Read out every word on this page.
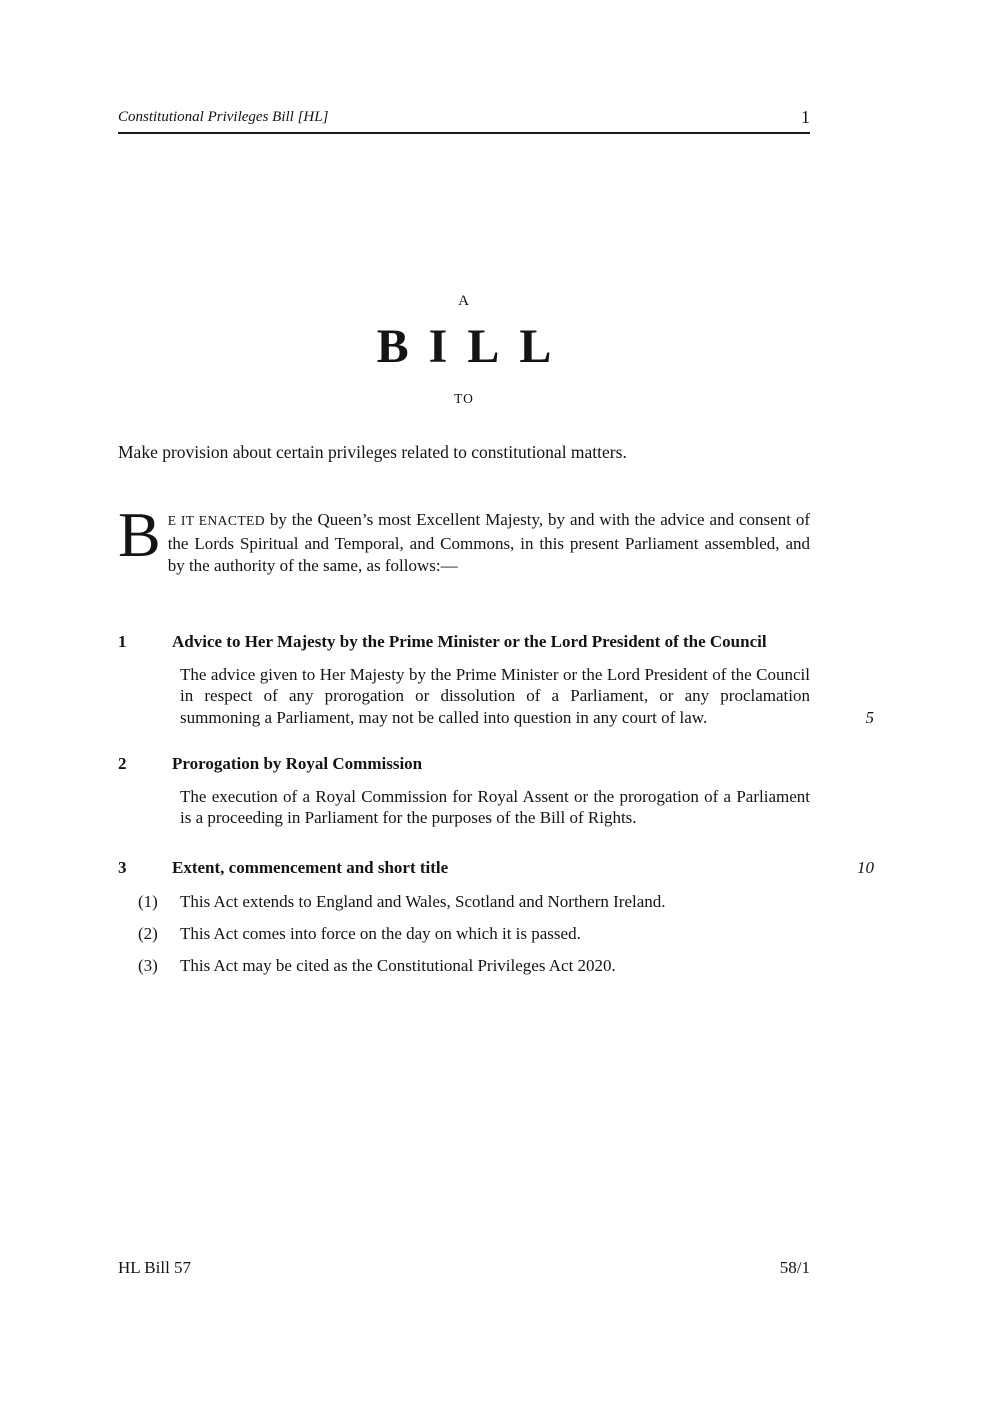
Constitutional Privileges Bill [HL]	1
A
BILL
TO
Make provision about certain privileges related to constitutional matters.
B E IT ENACTED by the Queen’s most Excellent Majesty, by and with the advice and consent of the Lords Spiritual and Temporal, and Commons, in this present Parliament assembled, and by the authority of the same, as follows:—
1	Advice to Her Majesty by the Prime Minister or the Lord President of the Council
The advice given to Her Majesty by the Prime Minister or the Lord President of the Council in respect of any prorogation or dissolution of a Parliament, or any proclamation summoning a Parliament, may not be called into question in any court of law.	5
2	Prorogation by Royal Commission
The execution of a Royal Commission for Royal Assent or the prorogation of a Parliament is a proceeding in Parliament for the purposes of the Bill of Rights.
3	Extent, commencement and short title	10
(1)	This Act extends to England and Wales, Scotland and Northern Ireland.
(2)	This Act comes into force on the day on which it is passed.
(3)	This Act may be cited as the Constitutional Privileges Act 2020.
HL Bill 57	58/1
